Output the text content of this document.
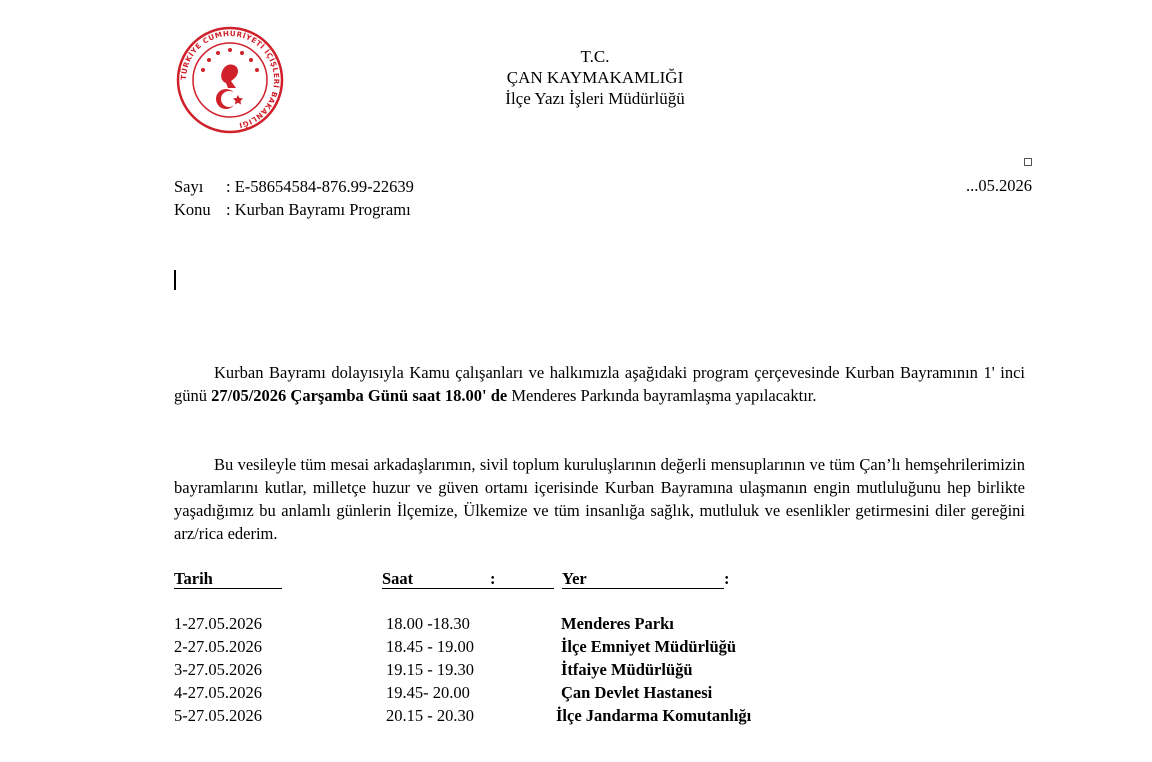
TÜRKİYE CUMHURİYETİ İÇİŞLERİ BAKANLIĞI
T.C.
ÇAN KAYMAKAMLIĞI
İlçe Yazı İşleri Müdürlüğü
Sayı : E-58654584-876.99-22639
Konu : Kurban Bayramı Programı
...05.2026
Kurban Bayramı dolayısıyla Kamu çalışanları ve halkımızla aşağıdaki program çerçevesinde Kurban Bayramının 1' inci günü 27/05/2026 Çarşamba Günü saat 18.00' de Menderes Parkında bayramlaşma yapılacaktır.
Bu vesileyle tüm mesai arkadaşlarımın, sivil toplum kuruluşlarının değerli mensuplarının ve tüm Çan’lı hemşehrilerimizin bayramlarını kutlar, milletçe huzur ve güven ortamı içerisinde Kurban Bayramına ulaşmanın engin mutluluğunu hep birlikte yaşadığımız bu anlamlı günlerin İlçemize, Ülkemize ve tüm insanlığa sağlık, mutluluk ve esenlikler getirmesini diler gereğini arz/rica ederim.
Tarih	Saat	:	Yer	:
1-27.05.2026	18.00 -18.30	Menderes Parkı
2-27.05.2026	18.45 - 19.00	İlçe Emniyet Müdürlüğü
3-27.05.2026	19.15 - 19.30	İtfaiye Müdürlüğü
4-27.05.2026	19.45- 20.00	Çan Devlet Hastanesi
5-27.05.2026	20.15 - 20.30	İlçe Jandarma Komutanlığı
